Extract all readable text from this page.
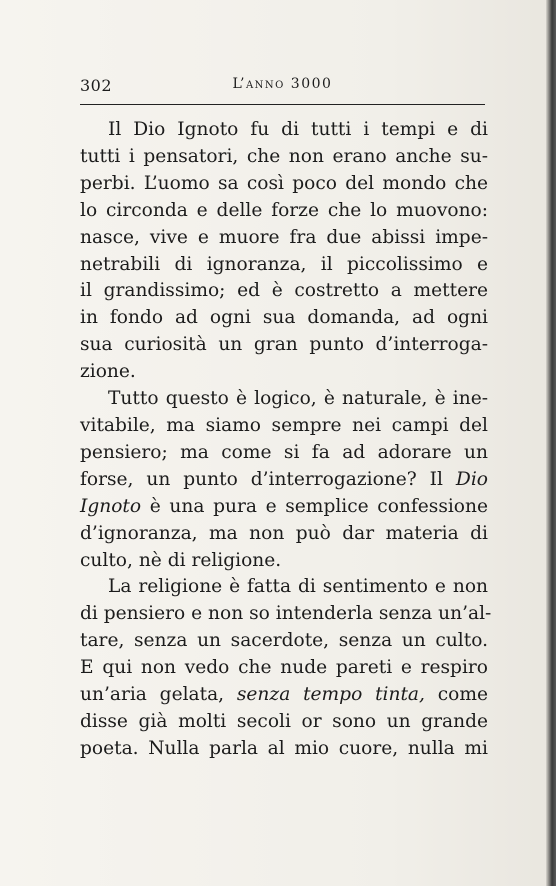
302	L’anno 3000
Il Dio Ignoto fu di tutti i tempi e di
tutti i pensatori, che non erano anche su-
perbi. L’uomo sa così poco del mondo che
lo circonda e delle forze che lo muovono:
nasce, vive e muore fra due abissi impe-
netrabili di ignoranza, il piccolissimo e
il grandissimo; ed è costretto a mettere
in fondo ad ogni sua domanda, ad ogni
sua curiosità un gran punto d’interroga-
zione.
Tutto questo è logico, è naturale, è ine-
vitabile, ma siamo sempre nei campi del
pensiero; ma come si fa ad adorare un
forse, un punto d’interrogazione? Il Dio
Ignoto è una pura e semplice confessione
d’ignoranza, ma non può dar materia di
culto, nè di religione.
La religione è fatta di sentimento e non
di pensiero e non so intenderla senza un’al-
tare, senza un sacerdote, senza un culto.
E qui non vedo che nude pareti e respiro
un’aria gelata, senza tempo tinta, come
disse già molti secoli or sono un grande
poeta. Nulla parla al mio cuore, nulla mi
